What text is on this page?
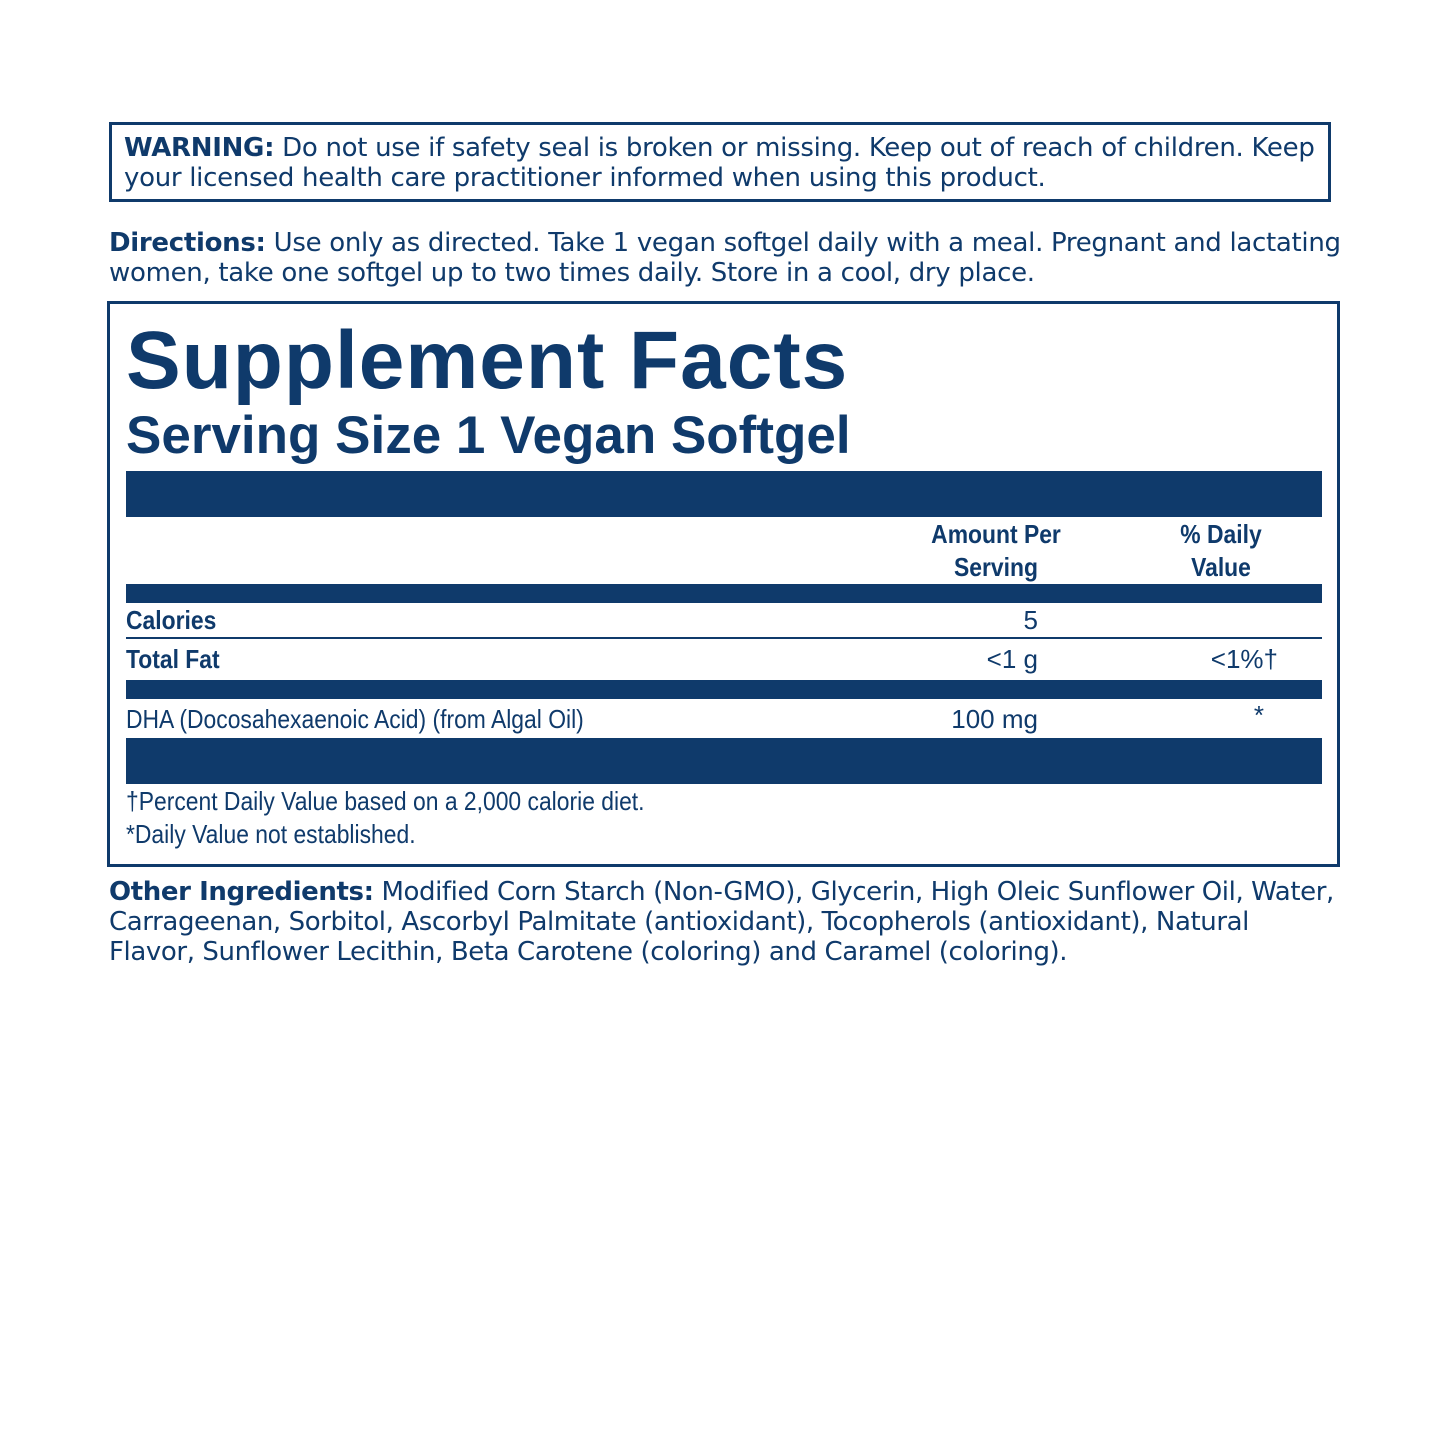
WARNING: Do not use if safety seal is broken or missing. Keep out of reach of children. Keep your licensed health care practitioner informed when using this product.
Directions: Use only as directed. Take 1 vegan softgel daily with a meal. Pregnant and lactating women, take one softgel up to two times daily. Store in a cool, dry place.
Supplement Facts
Serving Size 1 Vegan Softgel
Amount Per Serving
% Daily Value
Calories	5
Total Fat	<1 g	<1%†
DHA (Docosahexaenoic Acid) (from Algal Oil)	100 mg	*
†Percent Daily Value based on a 2,000 calorie diet.
*Daily Value not established.
Other Ingredients: Modified Corn Starch (Non-GMO), Glycerin, High Oleic Sunflower Oil, Water, Carrageenan, Sorbitol, Ascorbyl Palmitate (antioxidant), Tocopherols (antioxidant), Natural Flavor, Sunflower Lecithin, Beta Carotene (coloring) and Caramel (coloring).
